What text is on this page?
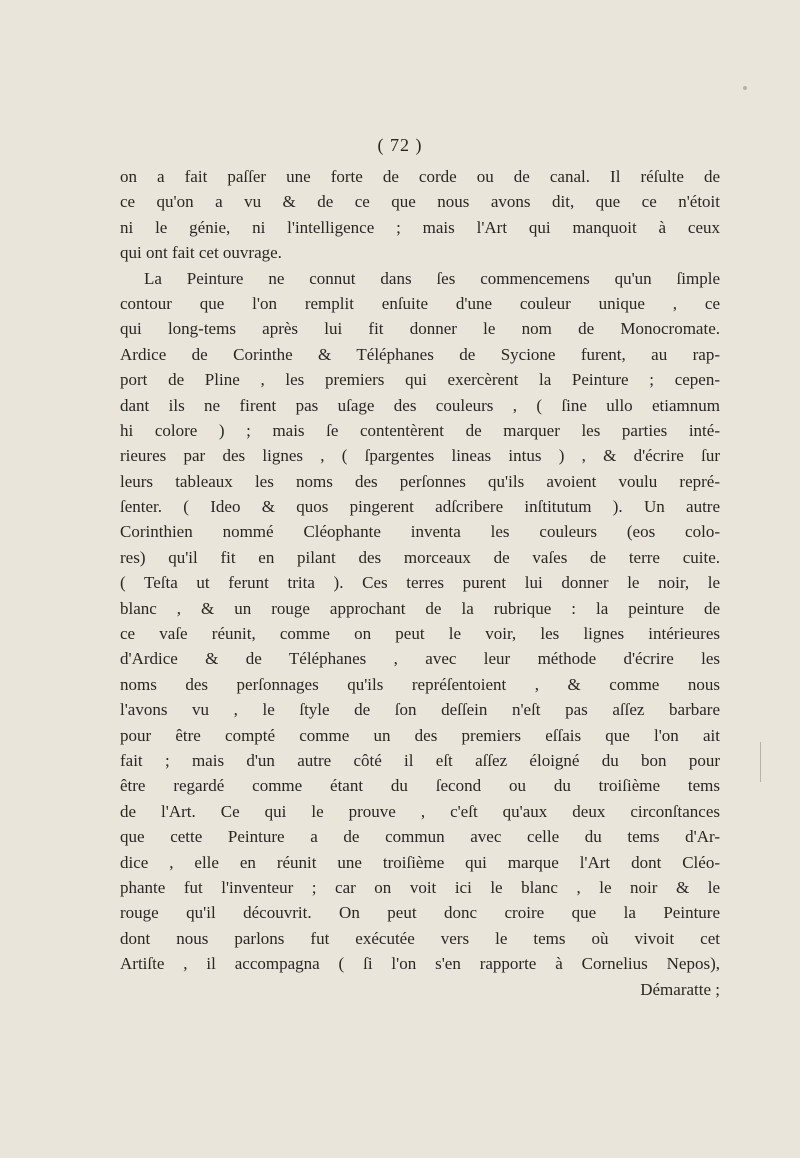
( 72 )
on a fait paſſer une forte de corde ou de canal. Il réſulte de
ce qu'on a vu & de ce que nous avons dit, que ce n'étoit
ni le génie, ni l'intelligence ; mais l'Art qui manquoit à ceux
qui ont fait cet ouvrage.
La Peinture ne connut dans ſes commencemens qu'un ſimple
contour que l'on remplit enſuite d'une couleur unique , ce
qui long-tems après lui fit donner le nom de Monocromate.
Ardice de Corinthe & Téléphanes de Sycione furent, au rap-
port de Pline , les premiers qui exercèrent la Peinture ; cepen-
dant ils ne firent pas uſage des couleurs , ( ſine ullo etiamnum
hi colore ) ; mais ſe contentèrent de marquer les parties inté-
rieures par des lignes , ( ſpargentes lineas intus ) , & d'écrire ſur
leurs tableaux les noms des perſonnes qu'ils avoient voulu repré-
ſenter. ( Ideo & quos pingerent adſcribere inſtitutum ). Un autre
Corinthien nommé Cléophante inventa les couleurs (eos colo-
res) qu'il fit en pilant des morceaux de vaſes de terre cuite.
( Teſta ut ferunt trita ). Ces terres purent lui donner le noir, le
blanc , & un rouge approchant de la rubrique : la peinture de
ce vaſe réunit, comme on peut le voir, les lignes intérieures
d'Ardice & de Téléphanes , avec leur méthode d'écrire les
noms des perſonnages qu'ils repréſentoient , & comme nous
l'avons vu , le ſtyle de ſon deſſein n'eſt pas aſſez barbare
pour être compté comme un des premiers eſſais que l'on ait
fait ; mais d'un autre côté il eſt aſſez éloigné du bon pour
être regardé comme étant du ſecond ou du troiſième tems
de l'Art. Ce qui le prouve , c'eſt qu'aux deux circonſtances
que cette Peinture a de commun avec celle du tems d'Ar-
dice , elle en réunit une troiſième qui marque l'Art dont Cléo-
phante fut l'inventeur ; car on voit ici le blanc , le noir & le
rouge qu'il découvrit. On peut donc croire que la Peinture
dont nous parlons fut exécutée vers le tems où vivoit cet
Artiſte , il accompagna ( ſi l'on s'en rapporte à Cornelius Nepos),
Démaratte ;
